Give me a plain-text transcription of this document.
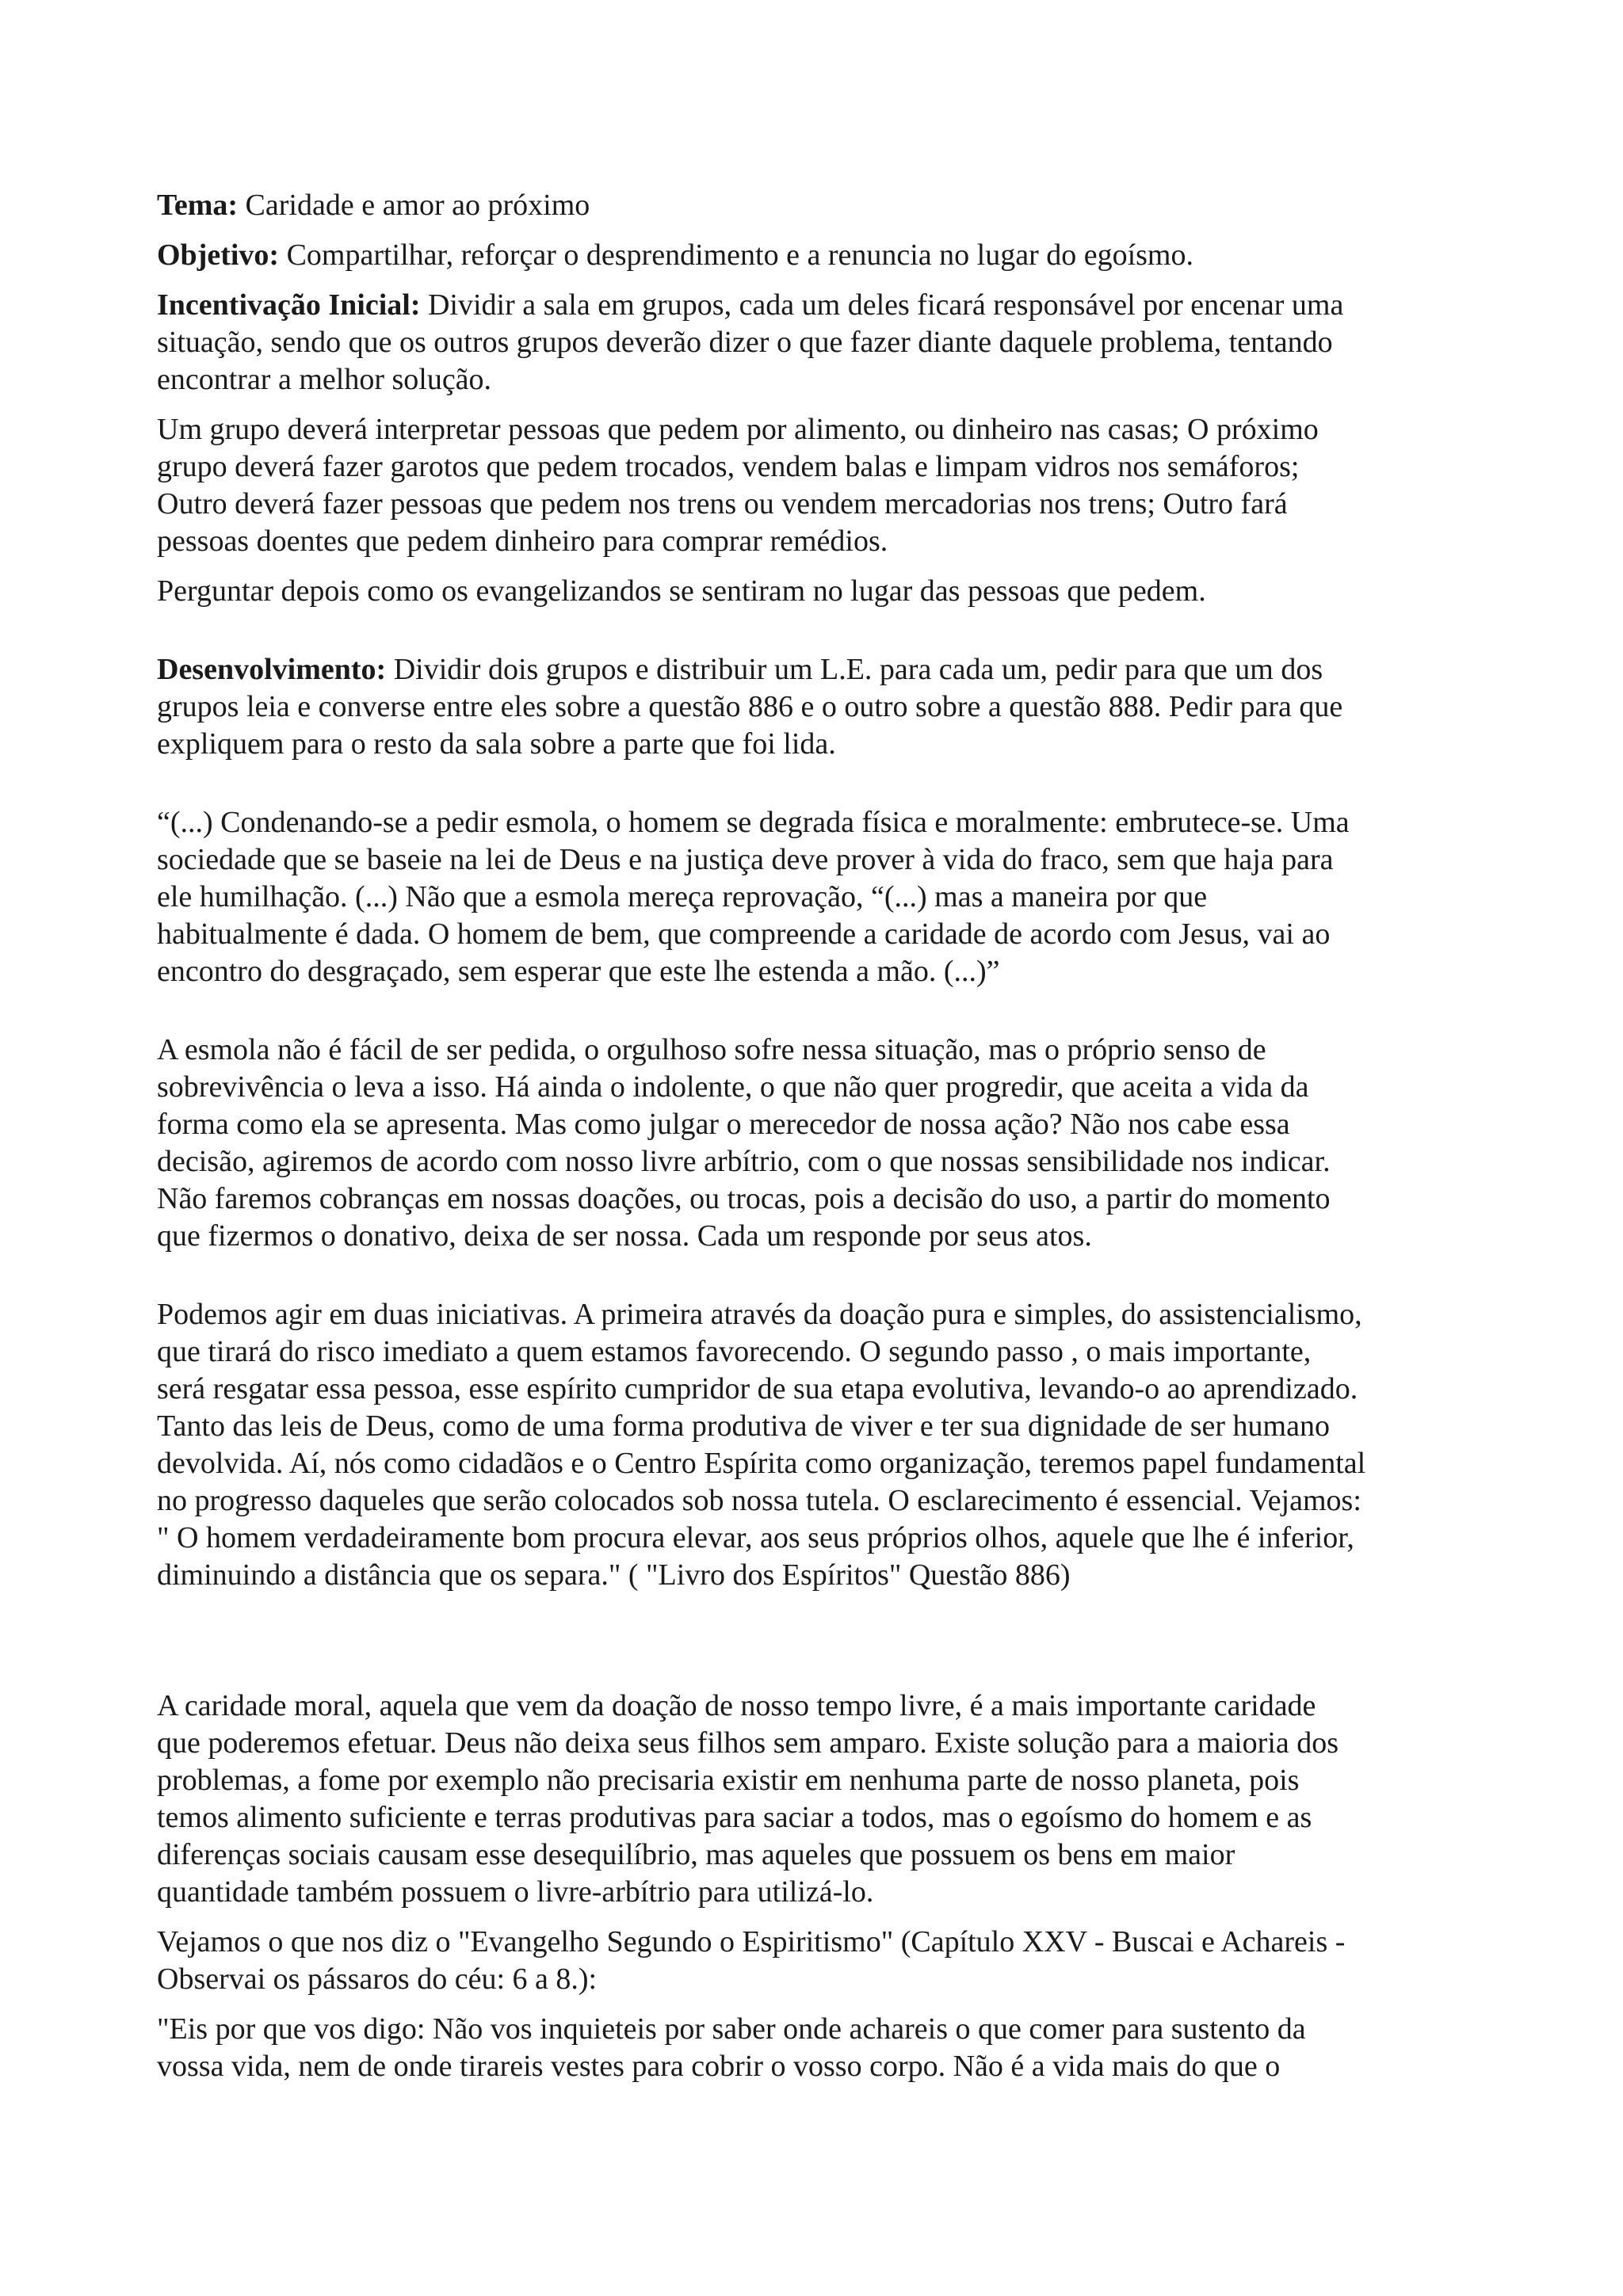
Tema: Caridade e amor ao próximo

Objetivo: Compartilhar, reforçar o desprendimento e a renuncia no lugar do egoísmo.

Incentivação Inicial: Dividir a sala em grupos, cada um deles ficará responsável por encenar uma
situação, sendo que os outros grupos deverão dizer o que fazer diante daquele problema, tentando
encontrar a melhor solução.

Um grupo deverá interpretar pessoas que pedem por alimento, ou dinheiro nas casas; O próximo
grupo deverá fazer garotos que pedem trocados, vendem balas e limpam vidros nos semáforos;
Outro deverá fazer pessoas que pedem nos trens ou vendem mercadorias nos trens; Outro fará
pessoas doentes que pedem dinheiro para comprar remédios.

Perguntar depois como os evangelizandos se sentiram no lugar das pessoas que pedem.

Desenvolvimento: Dividir dois grupos e distribuir um L.E. para cada um, pedir para que um dos
grupos leia e converse entre eles sobre a questão 886 e o outro sobre a questão 888. Pedir para que
expliquem para o resto da sala sobre a parte que foi lida.

“(...) Condenando-se a pedir esmola, o homem se degrada física e moralmente: embrutece-se. Uma
sociedade que se baseie na lei de Deus e na justiça deve prover à vida do fraco, sem que haja para
ele humilhação. (...) Não que a esmola mereça reprovação, “(...) mas a maneira por que
habitualmente é dada. O homem de bem, que compreende a caridade de acordo com Jesus, vai ao
encontro do desgraçado, sem esperar que este lhe estenda a mão. (...)”

A esmola não é fácil de ser pedida, o orgulhoso sofre nessa situação, mas o próprio senso de
sobrevivência o leva a isso. Há ainda o indolente, o que não quer progredir, que aceita a vida da
forma como ela se apresenta. Mas como julgar o merecedor de nossa ação? Não nos cabe essa
decisão, agiremos de acordo com nosso livre arbítrio, com o que nossas sensibilidade nos indicar.
Não faremos cobranças em nossas doações, ou trocas, pois a decisão do uso, a partir do momento
que fizermos o donativo, deixa de ser nossa. Cada um responde por seus atos.

Podemos agir em duas iniciativas. A primeira através da doação pura e simples, do assistencialismo,
que tirará do risco imediato a quem estamos favorecendo. O segundo passo , o mais importante,
será resgatar essa pessoa, esse espírito cumpridor de sua etapa evolutiva, levando-o ao aprendizado.
Tanto das leis de Deus, como de uma forma produtiva de viver e ter sua dignidade de ser humano
devolvida. Aí, nós como cidadãos e o Centro Espírita como organização, teremos papel fundamental
no progresso daqueles que serão colocados sob nossa tutela. O esclarecimento é essencial. Vejamos:
" O homem verdadeiramente bom procura elevar, aos seus próprios olhos, aquele que lhe é inferior,
diminuindo a distância que os separa." ( "Livro dos Espíritos" Questão 886)

A caridade moral, aquela que vem da doação de nosso tempo livre, é a mais importante caridade
que poderemos efetuar. Deus não deixa seus filhos sem amparo. Existe solução para a maioria dos
problemas, a fome por exemplo não precisaria existir em nenhuma parte de nosso planeta, pois
temos alimento suficiente e terras produtivas para saciar a todos, mas o egoísmo do homem e as
diferenças sociais causam esse desequilíbrio, mas aqueles que possuem os bens em maior
quantidade também possuem o livre-arbítrio para utilizá-lo.

Vejamos o que nos diz o "Evangelho Segundo o Espiritismo" (Capítulo XXV - Buscai e Achareis -
Observai os pássaros do céu: 6 a 8.):

"Eis por que vos digo: Não vos inquieteis por saber onde achareis o que comer para sustento da
vossa vida, nem de onde tirareis vestes para cobrir o vosso corpo. Não é a vida mais do que o
